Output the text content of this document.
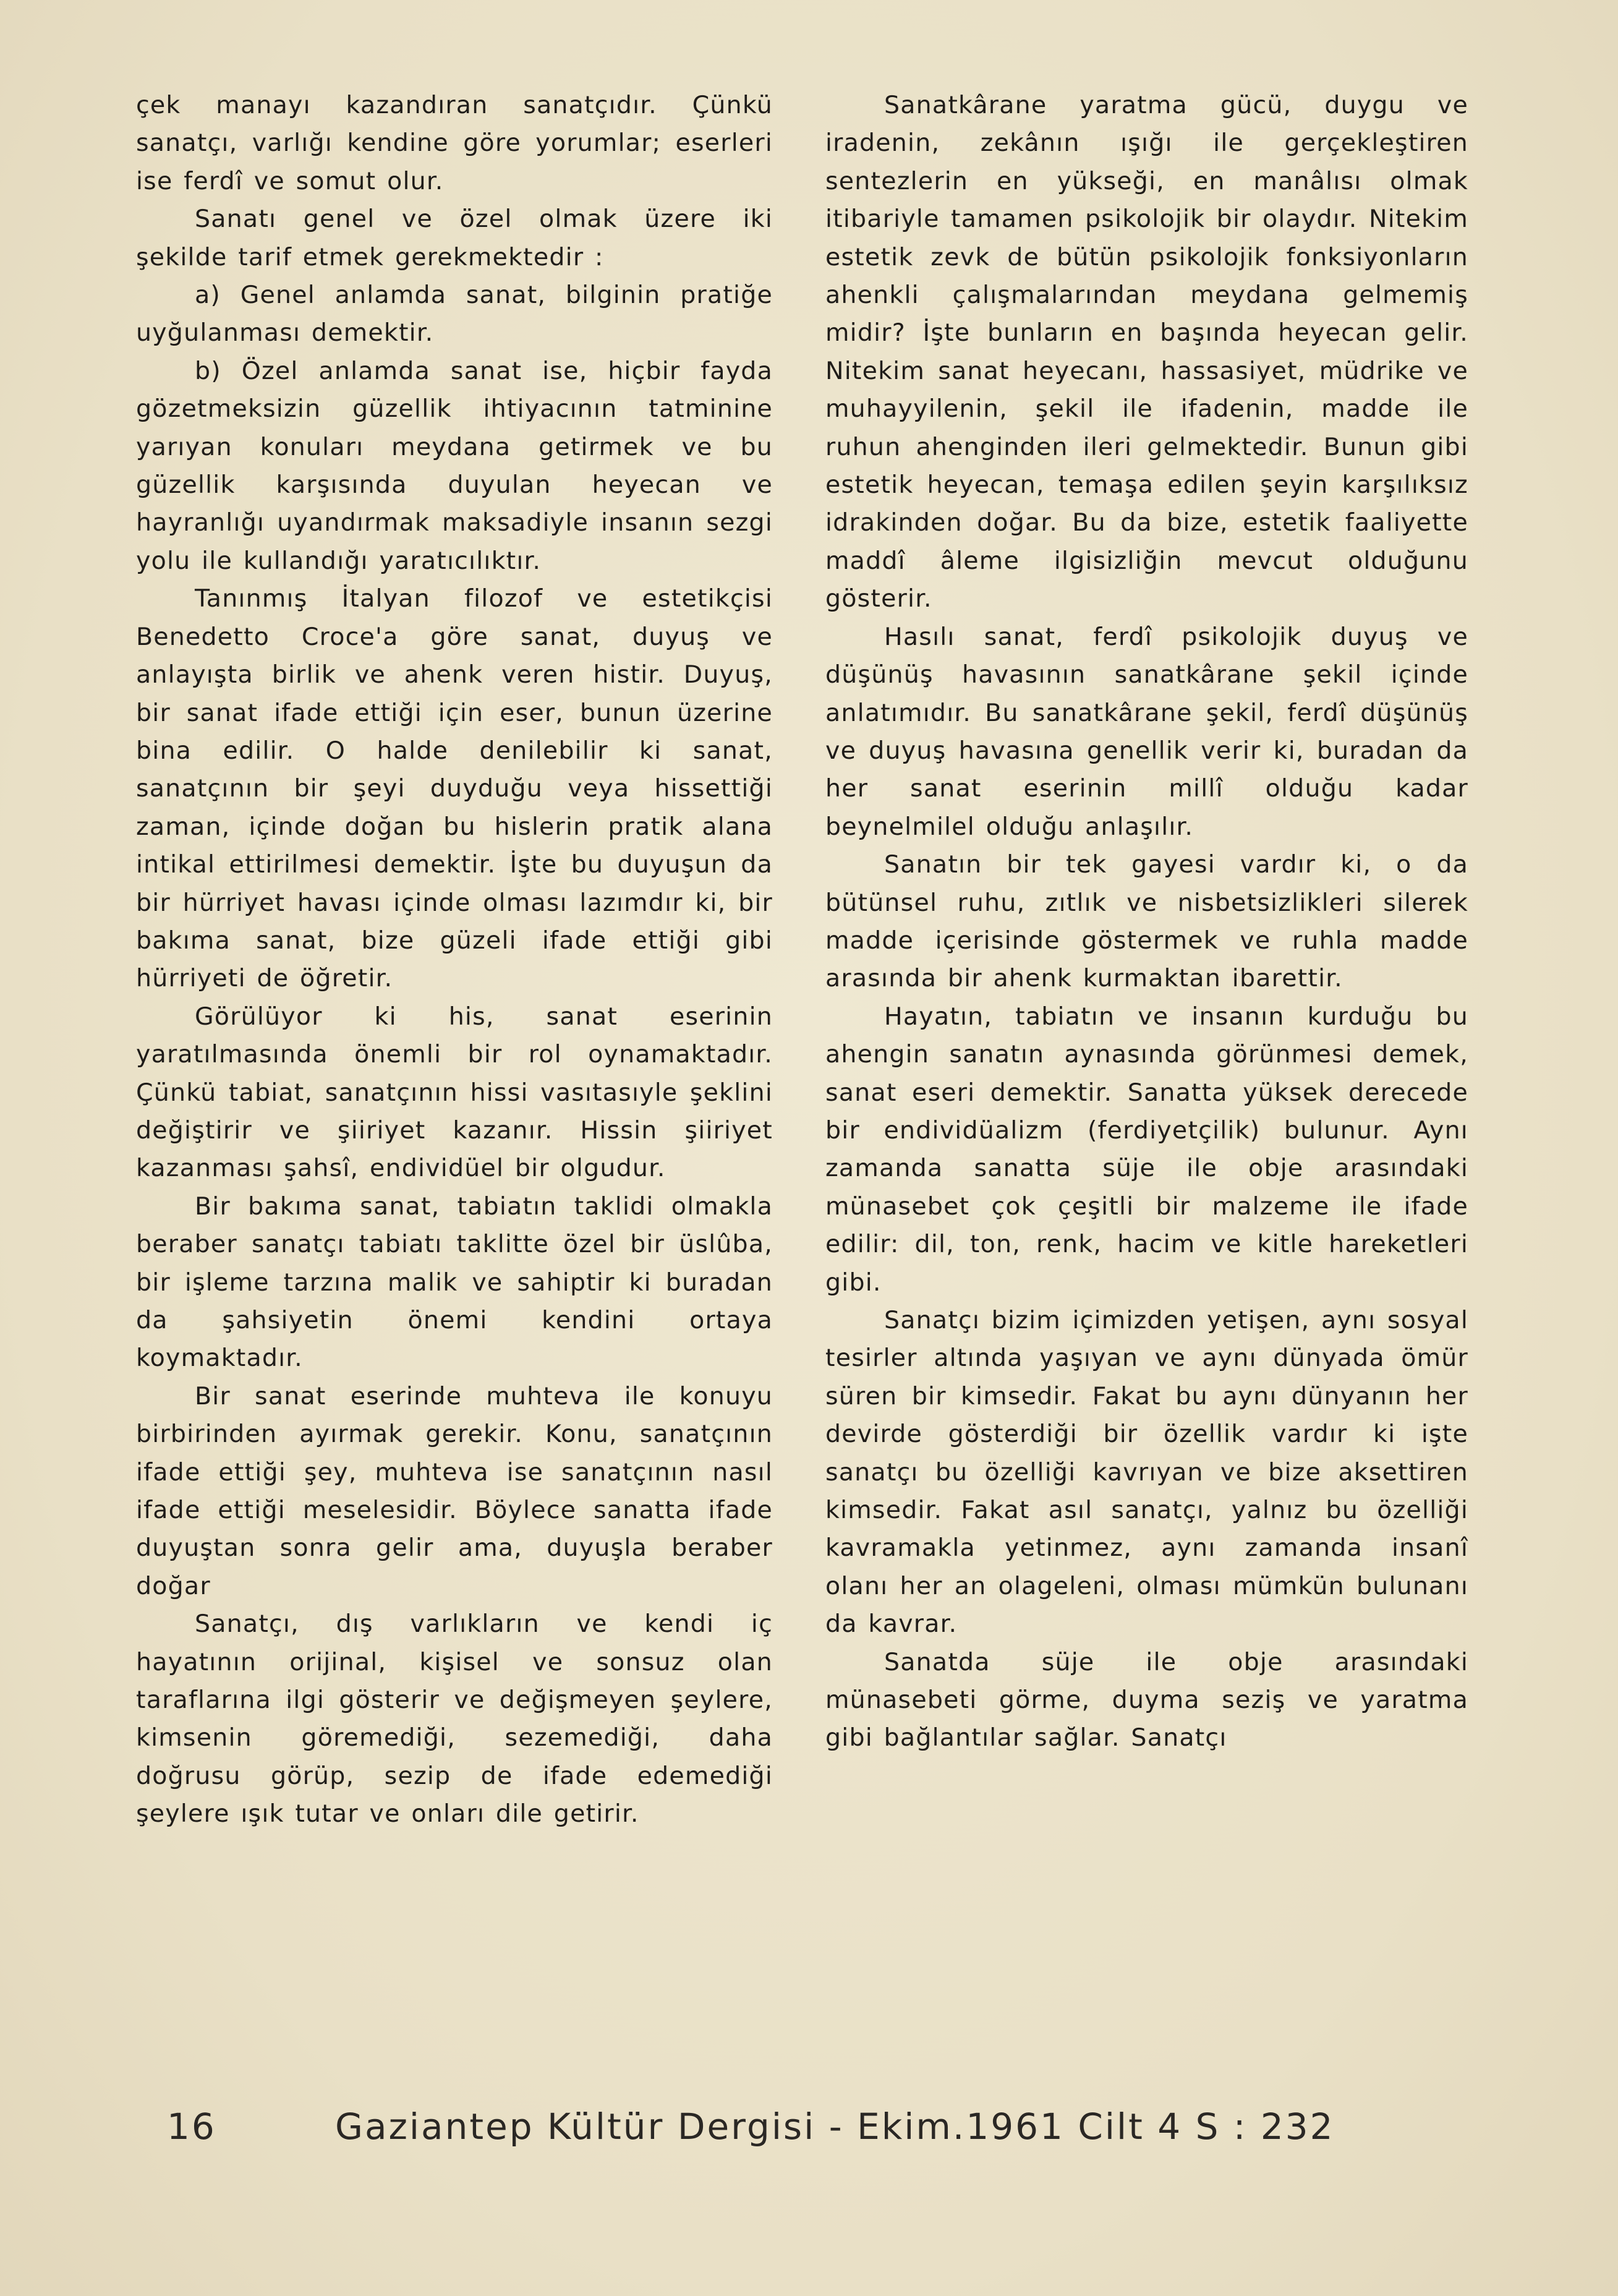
çek manayı kazandıran sanatçıdır. Çünkü sanatçı, varlığı kendine göre yorumlar; eserleri ise ferdî ve somut olur.

Sanatı genel ve özel olmak üzere iki şekilde tarif etmek gerekmektedir :

a) Genel anlamda sanat, bilginin pratiğe uyğulanması demektir.

b) Özel anlamda sanat ise, hiçbir fayda gözetmeksizin güzellik ihtiyacının tatminine yarıyan konuları meydana getirmek ve bu güzellik karşısında duyulan heyecan ve hayranlığı uyandırmak maksadiyle insanın sezgi yolu ile kullandığı yaratıcılıktır.

Tanınmış İtalyan filozof ve estetikçisi Benedetto Croce'a göre sanat, duyuş ve anlayışta birlik ve ahenk veren histir. Duyuş, bir sanat ifade ettiği için eser, bunun üzerine bina edilir. O halde denilebilir ki sanat, sanatçının bir şeyi duyduğu veya hissettiği zaman, içinde doğan bu hislerin pratik alana intikal ettirilmesi demektir. İşte bu duyuşun da bir hürriyet havası içinde olması lazımdır ki, bir bakıma sanat, bize güzeli ifade ettiği gibi hürriyeti de öğretir.

Görülüyor ki his, sanat eserinin yaratılmasında önemli bir rol oynamaktadır. Çünkü tabiat, sanatçının hissi vasıtasıyle şeklini değiştirir ve şiiriyet kazanır. Hissin şiiriyet kazanması şahsî, endividüel bir olgudur.

Bir bakıma sanat, tabiatın taklidi olmakla beraber sanatçı tabiatı taklitte özel bir üslûba, bir işleme tarzına malik ve sahiptir ki buradan da şahsiyetin önemi kendini ortaya koymaktadır.

Bir sanat eserinde muhteva ile konuyu birbirinden ayırmak gerekir. Konu, sanatçının ifade ettiği şey, muhteva ise sanatçının nasıl ifade ettiği meselesidir. Böylece sanatta ifade duyuştan sonra gelir ama, duyuşla beraber doğar

Sanatçı, dış varlıkların ve kendi iç hayatının orijinal, kişisel ve sonsuz olan taraflarına ilgi gösterir ve değişmeyen şeylere, kimsenin göremediği, sezemediği, daha doğrusu görüp, sezip de ifade edemediği şeylere ışık tutar ve onları dile getirir.

Sanatkârane yaratma gücü, duygu ve iradenin, zekânın ışığı ile gerçekleştiren sentezlerin en yükseği, en manâlısı olmak itibariyle tamamen psikolojik bir olaydır. Nitekim estetik zevk de bütün psikolojik fonksiyonların ahenkli çalışmalarından meydana gelmemiş midir? İşte bunların en başında heyecan gelir. Nitekim sanat heyecanı, hassasiyet, müdrike ve muhayyilenin, şekil ile ifadenin, madde ile ruhun ahenginden ileri gelmektedir. Bunun gibi estetik heyecan, temaşa edilen şeyin karşılıksız idrakinden doğar. Bu da bize, estetik faaliyette maddî âleme ilgisizliğin mevcut olduğunu gösterir.

Hasılı sanat, ferdî psikolojik duyuş ve düşünüş havasının sanatkârane şekil içinde anlatımıdır. Bu sanatkârane şekil, ferdî düşünüş ve duyuş havasına genellik verir ki, buradan da her sanat eserinin millî olduğu kadar beynelmilel olduğu anlaşılır.

Sanatın bir tek gayesi vardır ki, o da bütünsel ruhu, zıtlık ve nisbetsizlikleri silerek madde içerisinde göstermek ve ruhla madde arasında bir ahenk kurmaktan ibarettir.

Hayatın, tabiatın ve insanın kurduğu bu ahengin sanatın aynasında görünmesi demek, sanat eseri demektir. Sanatta yüksek derecede bir endividüalizm (ferdiyetçilik) bulunur. Aynı zamanda sanatta süje ile obje arasındaki münasebet çok çeşitli bir malzeme ile ifade edilir: dil, ton, renk, hacim ve kitle hareketleri gibi.

Sanatçı bizim içimizden yetişen, aynı sosyal tesirler altında yaşıyan ve aynı dünyada ömür süren bir kimsedir. Fakat bu aynı dünyanın her devirde gösterdiği bir özellik vardır ki işte sanatçı bu özelliği kavrıyan ve bize aksettiren kimsedir. Fakat asıl sanatçı, yalnız bu özelliği kavramakla yetinmez, aynı zamanda insanî olanı her an olageleni, olması mümkün bulunanı da kavrar.

Sanatda süje ile obje arasındaki münasebeti görme, duyma seziş ve yaratma gibi bağlantılar sağlar. Sanatçı

16	Gaziantep Kültür Dergisi - Ekim.1961 Cilt 4 S : 232
